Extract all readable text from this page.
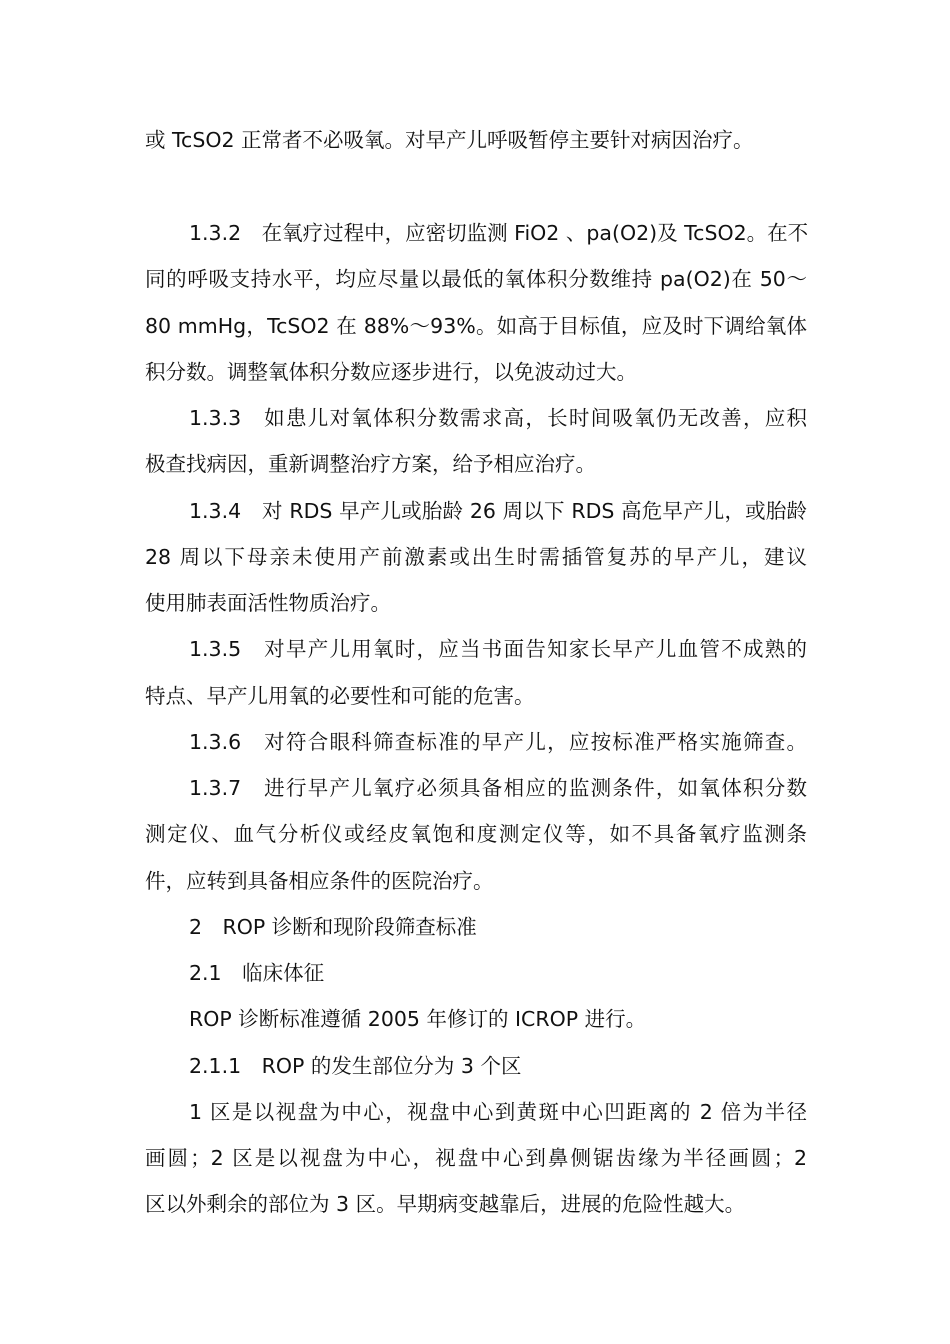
或 TcSO2 正常者不必吸氧。对早产儿呼吸暂停主要针对病因治疗。
1.3.2　在氧疗过程中，应密切监测 FiO2 、pa(O2)及 TcSO2。在不
同的呼吸支持水平，均应尽量以最低的氧体积分数维持 pa(O2)在 50～
80 mmHg，TcSO2 在 88%～93%。如高于目标值，应及时下调给氧体
积分数。调整氧体积分数应逐步进行，以免波动过大。
1.3.3　如患儿对氧体积分数需求高，长时间吸氧仍无改善，应积
极查找病因，重新调整治疗方案，给予相应治疗。
1.3.4　对 RDS 早产儿或胎龄 26 周以下 RDS 高危早产儿，或胎龄
28 周以下母亲未使用产前激素或出生时需插管复苏的早产儿，建议
使用肺表面活性物质治疗。
1.3.5　对早产儿用氧时，应当书面告知家长早产儿血管不成熟的
特点、早产儿用氧的必要性和可能的危害。
1.3.6　对符合眼科筛查标准的早产儿，应按标准严格实施筛查。
1.3.7　进行早产儿氧疗必须具备相应的监测条件，如氧体积分数
测定仪、血气分析仪或经皮氧饱和度测定仪等，如不具备氧疗监测条
件，应转到具备相应条件的医院治疗。
2　ROP 诊断和现阶段筛查标准
2.1　临床体征
ROP 诊断标准遵循 2005 年修订的 ICROP 进行。
2.1.1　ROP 的发生部位分为 3 个区
1 区是以视盘为中心，视盘中心到黄斑中心凹距离的 2 倍为半径
画圆；2 区是以视盘为中心，视盘中心到鼻侧锯齿缘为半径画圆；2
区以外剩余的部位为 3 区。早期病变越靠后，进展的危险性越大。
